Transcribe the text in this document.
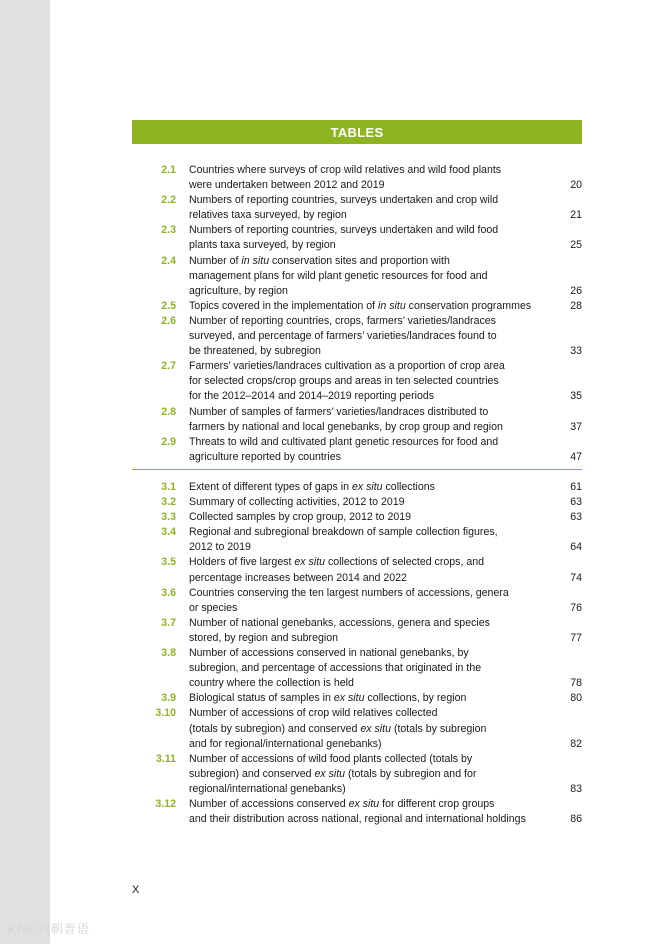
TABLES
2.1 Countries where surveys of crop wild relatives and wild food plants
were undertaken between 2012 and 2019	20
2.2 Numbers of reporting countries, surveys undertaken and crop wild
relatives taxa surveyed, by region	21
2.3 Numbers of reporting countries, surveys undertaken and wild food
plants taxa surveyed, by region	25
2.4 Number of in situ conservation sites and proportion with
management plans for wild plant genetic resources for food and
agriculture, by region	26
2.5 Topics covered in the implementation of in situ conservation programmes	28
2.6 Number of reporting countries, crops, farmers’ varieties/landraces
surveyed, and percentage of farmers’ varieties/landraces found to
be threatened, by subregion	33
2.7 Farmers’ varieties/landraces cultivation as a proportion of crop area
for selected crops/crop groups and areas in ten selected countries
for the 2012–2014 and 2014–2019 reporting periods	35
2.8 Number of samples of farmers’ varieties/landraces distributed to
farmers by national and local genebanks, by crop group and region	37
2.9 Threats to wild and cultivated plant genetic resources for food and
agriculture reported by countries	47
3.1 Extent of different types of gaps in ex situ collections	61
3.2 Summary of collecting activities, 2012 to 2019	63
3.3 Collected samples by crop group, 2012 to 2019	63
3.4 Regional and subregional breakdown of sample collection figures,
2012 to 2019	64
3.5 Holders of five largest ex situ collections of selected crops, and
percentage increases between 2014 and 2022	74
3.6 Countries conserving the ten largest numbers of accessions, genera
or species	76
3.7 Number of national genebanks, accessions, genera and species
stored, by region and subregion	77
3.8 Number of accessions conserved in national genebanks, by
subregion, and percentage of accessions that originated in the
country where the collection is held	78
3.9 Biological status of samples in ex situ collections, by region	80
3.10 Number of accessions of crop wild relatives collected
(totals by subregion) and conserved ex situ (totals by subregion
and for regional/international genebanks)	82
3.11 Number of accessions of wild food plants collected (totals by
subregion) and conserved ex situ (totals by subregion and for
regional/international genebanks)	83
3.12 Number of accessions conserved ex situ for different crop groups
and their distribution across national, regional and international holdings	86
X
K²◎ 六朝晋语
